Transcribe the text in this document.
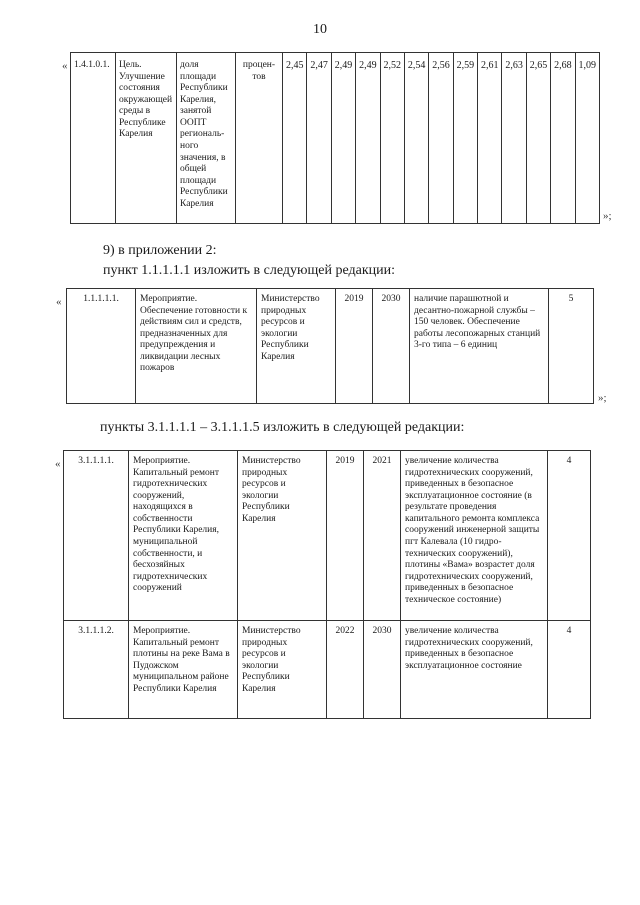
10
« 1.4.1.0.1.	Цель. Улучшение состояния окружающей среды в Республике Карелия	доля площади Республики Карелия, занятой ООПТ региональ-ного значения, в общей площади Республики Карелия	процен-тов	2,45	2,47	2,49	2,49	2,52	2,54	2,56	2,59	2,61	2,63	2,65	2,68	1,09
»;
9) в приложении 2:
пункт 1.1.1.1.1 изложить в следующей редакции:
« 1.1.1.1.1.	Мероприятие. Обеспечение готовности к действиям сил и средств, предназначенных для предупреждения и ликвидации лесных пожаров	Министерство природных ресурсов и экологии Республики Карелия	2019	2030	наличие парашютной и десантно-пожарной службы – 150 человек. Обеспечение работы лесопожарных станций 3-го типа – 6 единиц	5
»;
пункты 3.1.1.1.1 – 3.1.1.1.5 изложить в следующей редакции:
« 3.1.1.1.1.	Мероприятие. Капитальный ремонт гидротехнических сооружений, находящихся в собственности Республики Карелия, муниципальной собственности, и бесхозяйных гидротехнических сооружений	Министерство природных ресурсов и экологии Республики Карелия	2019	2021	увеличение количества гидротехнических сооружений, приведенных в безопасное эксплуатационное состояние (в результате проведения капитального ремонта комплекса сооружений инженерной защиты пгт Калевала (10 гидро-технических сооружений), плотины «Вама» возрастет доля гидротехнических сооружений, приведенных в безопасное техническое состояние)	4
3.1.1.1.2.	Мероприятие. Капитальный ремонт плотины на реке Вама в Пудожском муниципальном районе Республики Карелия	Министерство природных ресурсов и экологии Республики Карелия	2022	2030	увеличение количества гидротехнических сооружений, приведенных в безопасное эксплуатационное состояние	4
